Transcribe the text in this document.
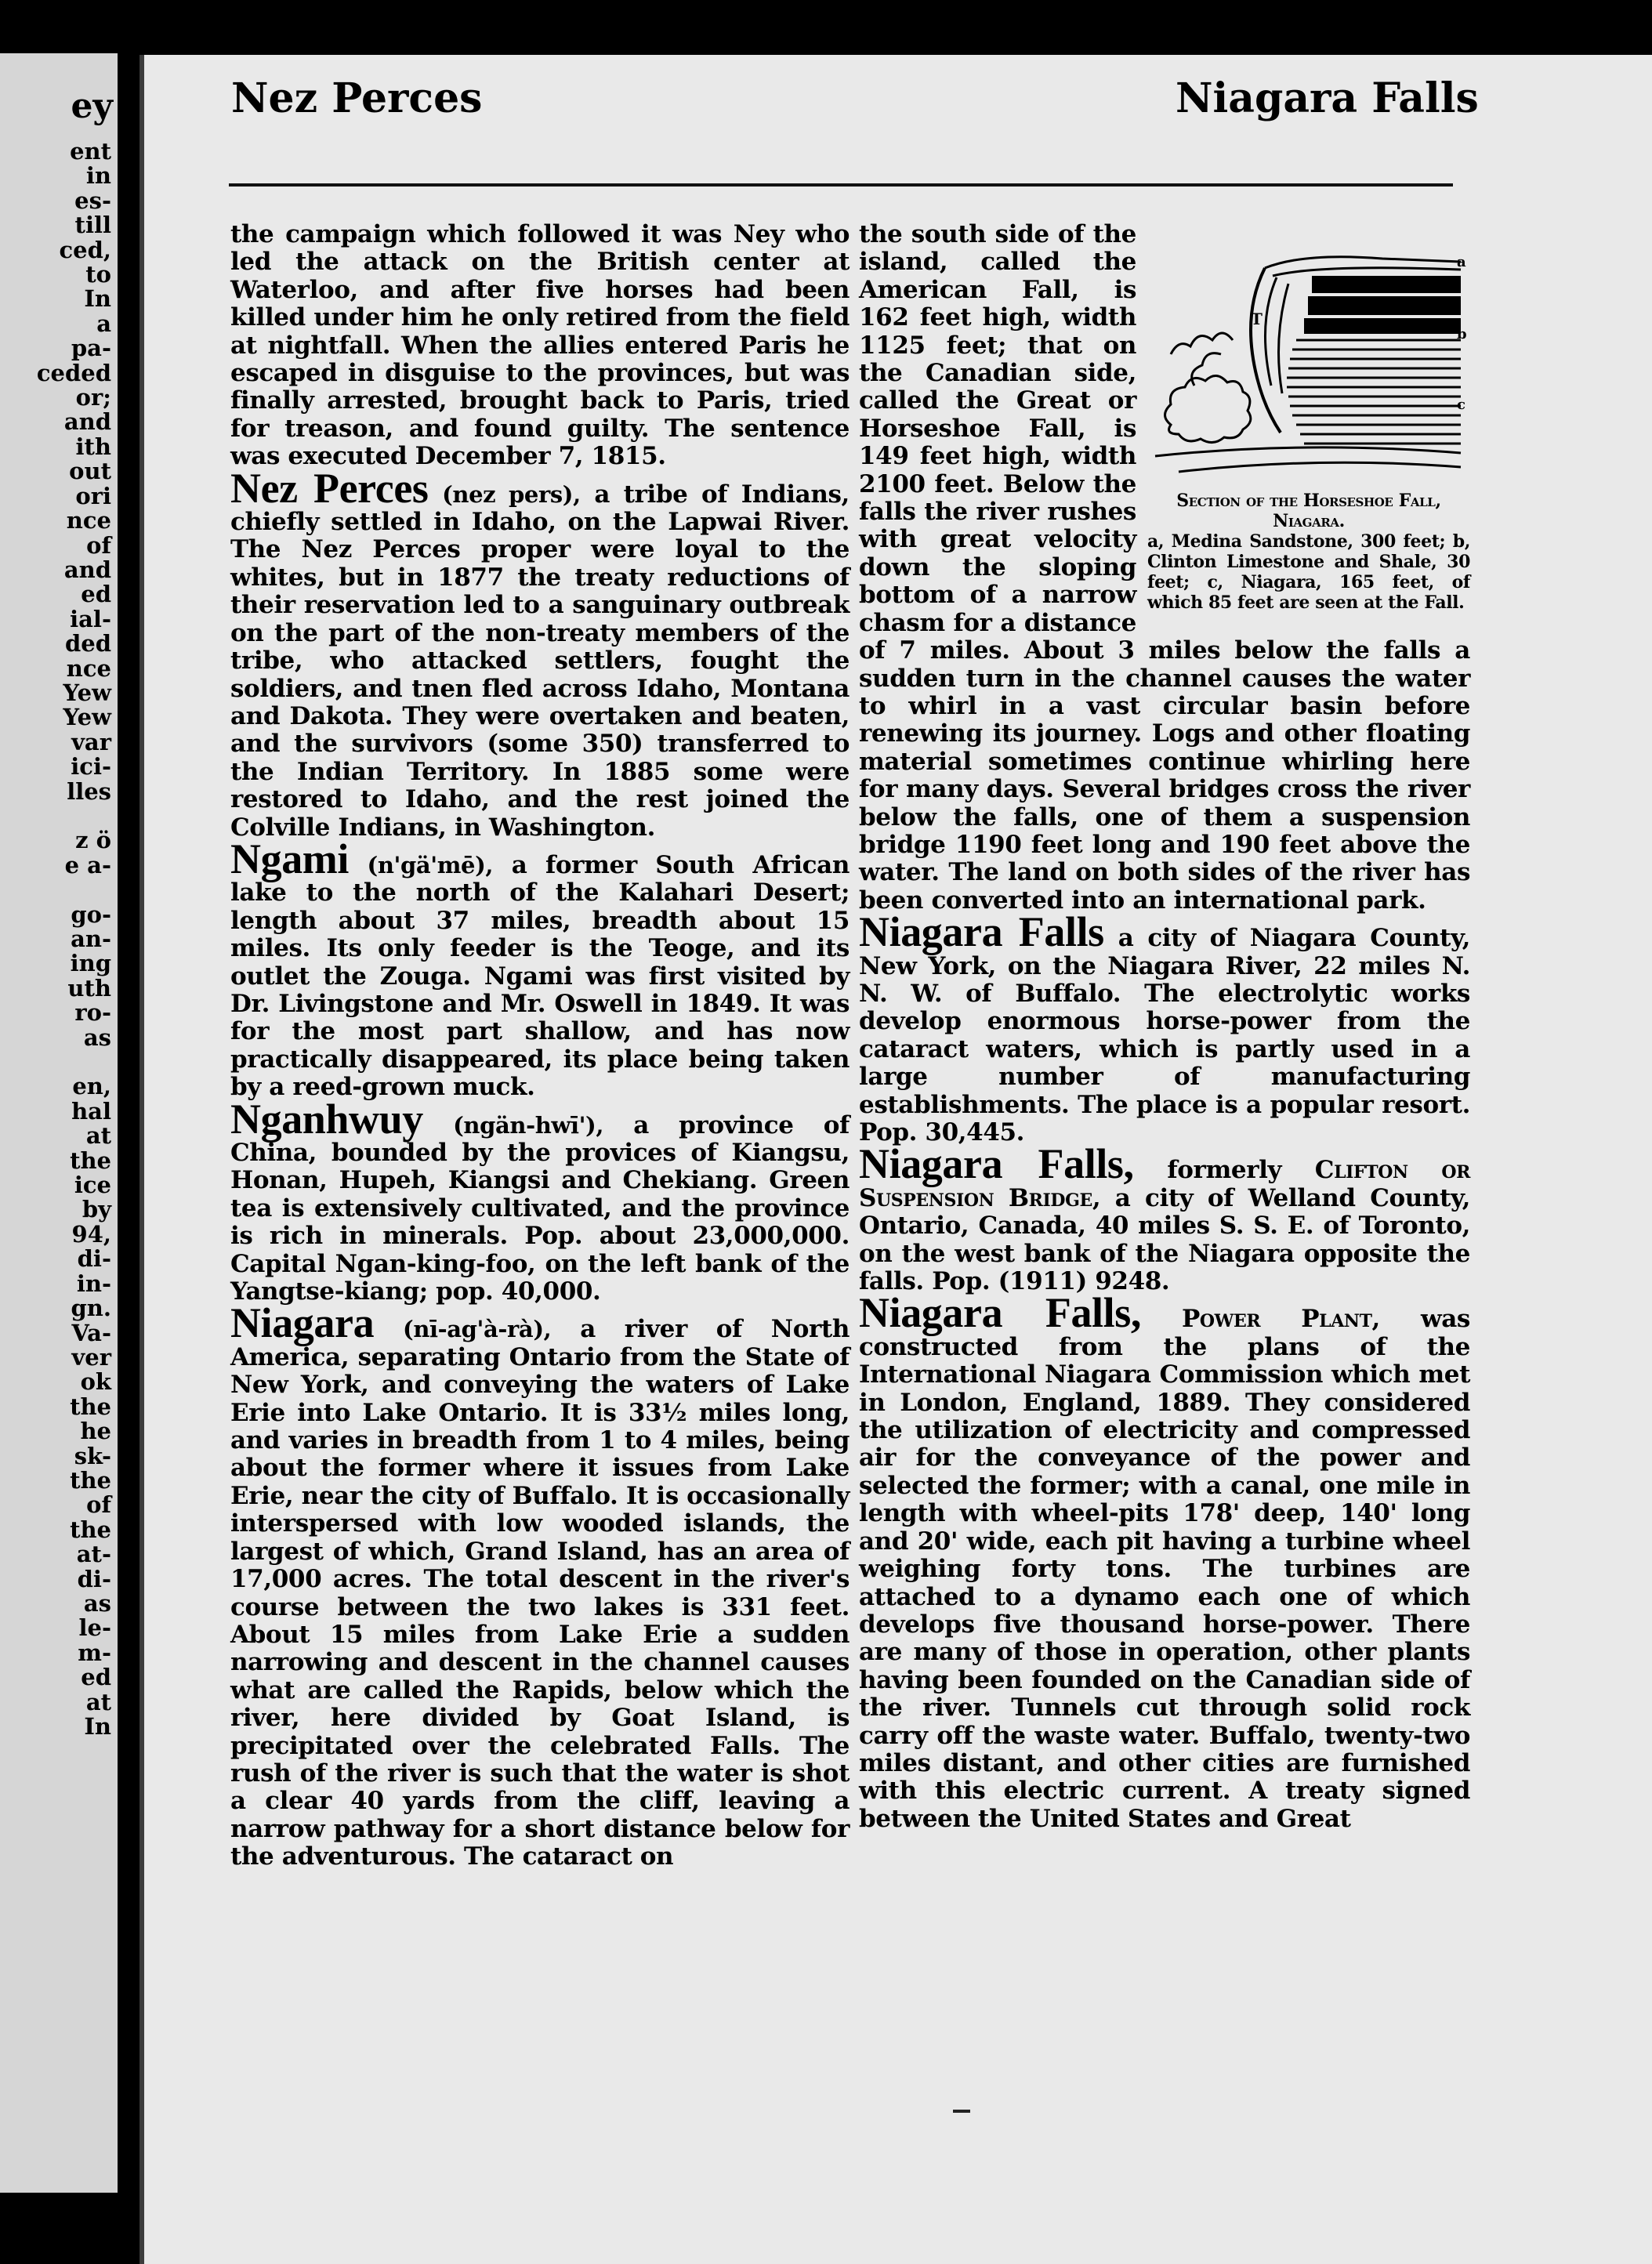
ey
ent
in
es-
till
ced,
to
In
a
pa-
ceded
or;
and
ith
out
ori
nce
of
and
ed
ial-
ded
nce
Yew
Yew
var
ici-
lles

z ö
e a-

go-
an-
ing
uth
ro-
as

en,
hal
at
the
ice
by
94,
di-
in-
gn.
Va-
ver
ok
the
he
sk-
the
of
the
at-
di-
as
le-
m-
ed
at
In
Nez Perces	Niagara Falls

the campaign which followed it was Ney who led the attack on the British center at Waterloo, and after five horses had been killed under him he only retired from the field at nightfall. When the allies entered Paris he escaped in disguise to the provinces, but was finally arrested, brought back to Paris, tried for treason, and found guilty. The sentence was executed December 7, 1815.

Nez Perces (nez pers), a tribe of Indians, chiefly settled in Idaho, on the Lapwai River. The Nez Perces proper were loyal to the whites, but in 1877 the treaty reductions of their reservation led to a sanguinary outbreak on the part of the non-treaty members of the tribe, who attacked settlers, fought the soldiers, and tnen fled across Idaho, Montana and Dakota. They were overtaken and beaten, and the survivors (some 350) transferred to the Indian Territory. In 1885 some were restored to Idaho, and the rest joined the Colville Indians, in Washington.

Ngami (n'gä'mē), a former South African lake to the north of the Kalahari Desert; length about 37 miles, breadth about 15 miles. Its only feeder is the Teoge, and its outlet the Zouga. Ngami was first visited by Dr. Livingstone and Mr. Oswell in 1849. It was for the most part shallow, and has now practically disappeared, its place being taken by a reed-grown muck.

Nganhwuy (ngän-hwī'), a province of China, bounded by the provices of Kiangsu, Honan, Hupeh, Kiangsi and Chekiang. Green tea is extensively cultivated, and the province is rich in minerals. Pop. about 23,000,000. Capital Ngan-king-foo, on the left bank of the Yangtse-kiang; pop. 40,000.

Niagara (nī-ag'à-rà), a river of North America, separating Ontario from the State of New York, and conveying the waters of Lake Erie into Lake Ontario. It is 33½ miles long, and varies in breadth from 1 to 4 miles, being about the former where it issues from Lake Erie, near the city of Buffalo. It is occasionally interspersed with low wooded islands, the largest of which, Grand Island, has an area of 17,000 acres. The total descent in the river's course between the two lakes is 331 feet. About 15 miles from Lake Erie a sudden narrowing and descent in the channel causes what are called the Rapids, below which the river, here divided by Goat Island, is precipitated over the celebrated Falls. The rush of the river is such that the water is shot a clear 40 yards from the cliff, leaving a narrow pathway for a short distance below for the adventurous. The cataract on

T
a
b
c
Section of the Horseshoe Fall, Niagara.
a, Medina Sandstone, 300 feet; b, Clinton Limestone and Shale, 30 feet; c, Niagara, 165 feet, of which 85 feet are seen at the Fall.

the south side of the island, called the American Fall, is 162 feet high, width 1125 feet; that on the Canadian side, called the Great or Horseshoe Fall, is 149 feet high, width 2100 feet. Below the falls the river rushes with great velocity down the sloping bottom of a narrow chasm for a distance of 7 miles. About 3 miles below the falls a sudden turn in the channel causes the water to whirl in a vast circular basin before renewing its journey. Logs and other floating material sometimes continue whirling here for many days. Several bridges cross the river below the falls, one of them a suspension bridge 1190 feet long and 190 feet above the water. The land on both sides of the river has been converted into an international park.

Niagara Falls a city of Niagara County, New York, on the Niagara River, 22 miles N. N. W. of Buffalo. The electrolytic works develop enormous horse-power from the cataract waters, which is partly used in a large number of manufacturing establishments. The place is a popular resort. Pop. 30,445.

Niagara Falls, formerly Clifton or Suspension Bridge, a city of Welland County, Ontario, Canada, 40 miles S. S. E. of Toronto, on the west bank of the Niagara opposite the falls. Pop. (1911) 9248.

Niagara Falls, Power Plant, was constructed from the plans of the International Niagara Commission which met in London, England, 1889. They considered the utilization of electricity and compressed air for the conveyance of the power and selected the former; with a canal, one mile in length with wheel-pits 178' deep, 140' long and 20' wide, each pit having a turbine wheel weighing forty tons. The turbines are attached to a dynamo each one of which develops five thousand horse-power. There are many of those in operation, other plants having been founded on the Canadian side of the river. Tunnels cut through solid rock carry off the waste water. Buffalo, twenty-two miles distant, and other cities are furnished with this electric current. A treaty signed between the United States and Great
